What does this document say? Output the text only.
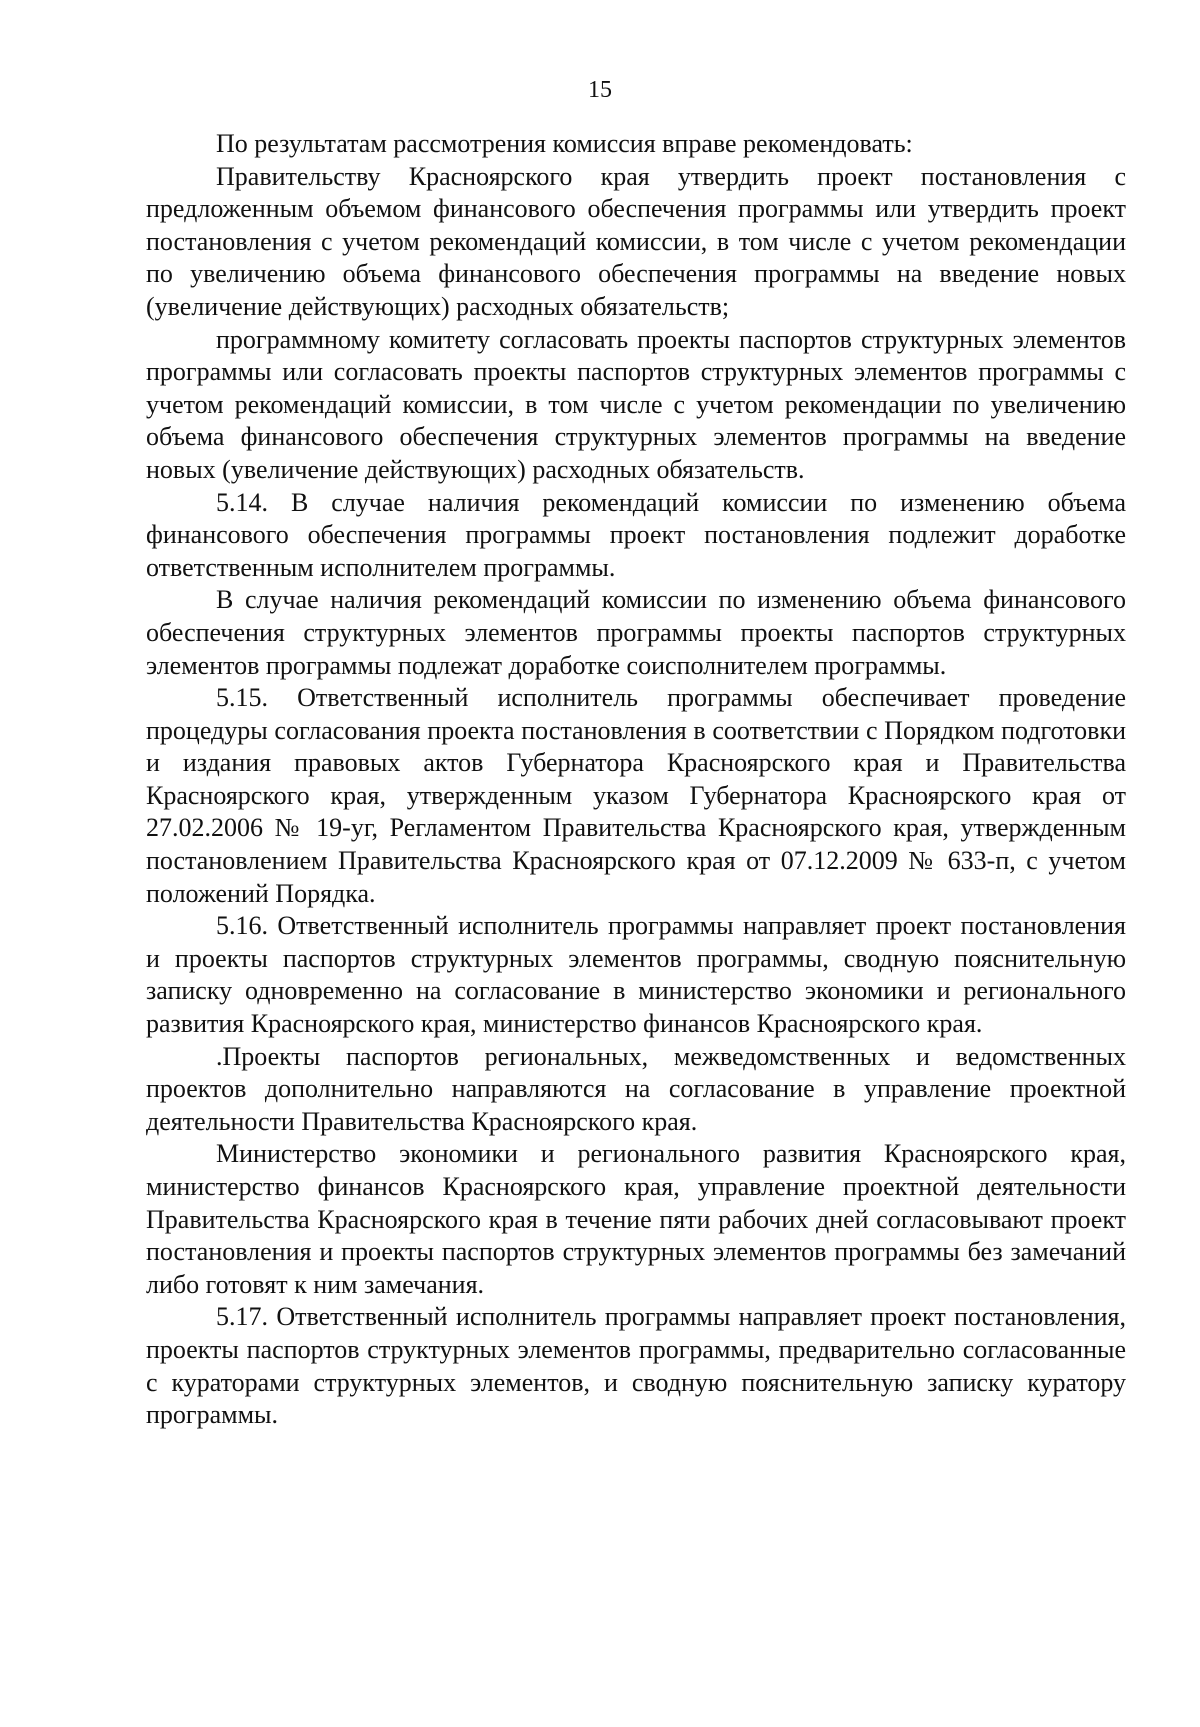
15

По результатам рассмотрения комиссия вправе рекомендовать:

Правительству Красноярского края утвердить проект постановления с предложенным объемом финансового обеспечения программы или утвердить проект постановления с учетом рекомендаций комиссии, в том числе с учетом рекомендации по увеличению объема финансового обеспечения программы на введение новых (увеличение действующих) расходных обязательств;

программному комитету согласовать проекты паспортов структурных элементов программы или согласовать проекты паспортов структурных элементов программы с учетом рекомендаций комиссии, в том числе с учетом рекомендации по увеличению объема финансового обеспечения структурных элементов программы на введение новых (увеличение действующих) расходных обязательств.

5.14. В случае наличия рекомендаций комиссии по изменению объема финансового обеспечения программы проект постановления подлежит доработке ответственным исполнителем программы.

В случае наличия рекомендаций комиссии по изменению объема финансового обеспечения структурных элементов программы проекты паспортов структурных элементов программы подлежат доработке соисполнителем программы.

5.15. Ответственный исполнитель программы обеспечивает проведение процедуры согласования проекта постановления в соответствии с Порядком подготовки и издания правовых актов Губернатора Красноярского края и Правительства Красноярского края, утвержденным указом Губернатора Красноярского края от 27.02.2006 № 19-уг, Регламентом Правительства Красноярского края, утвержденным постановлением Правительства Красноярского края от 07.12.2009 № 633-п, с учетом положений Порядка.

5.16. Ответственный исполнитель программы направляет проект постановления и проекты паспортов структурных элементов программы, сводную пояснительную записку одновременно на согласование в министерство экономики и регионального развития Красноярского края, министерство финансов Красноярского края.

.Проекты паспортов региональных, межведомственных и ведомственных проектов дополнительно направляются на согласование в управление проектной деятельности Правительства Красноярского края.

Министерство экономики и регионального развития Красноярского края, министерство финансов Красноярского края, управление проектной деятельности Правительства Красноярского края в течение пяти рабочих дней согласовывают проект постановления и проекты паспортов структурных элементов программы без замечаний либо готовят к ним замечания.

5.17. Ответственный исполнитель программы направляет проект постановления, проекты паспортов структурных элементов программы, предварительно согласованные с кураторами структурных элементов, и сводную пояснительную записку куратору программы.
